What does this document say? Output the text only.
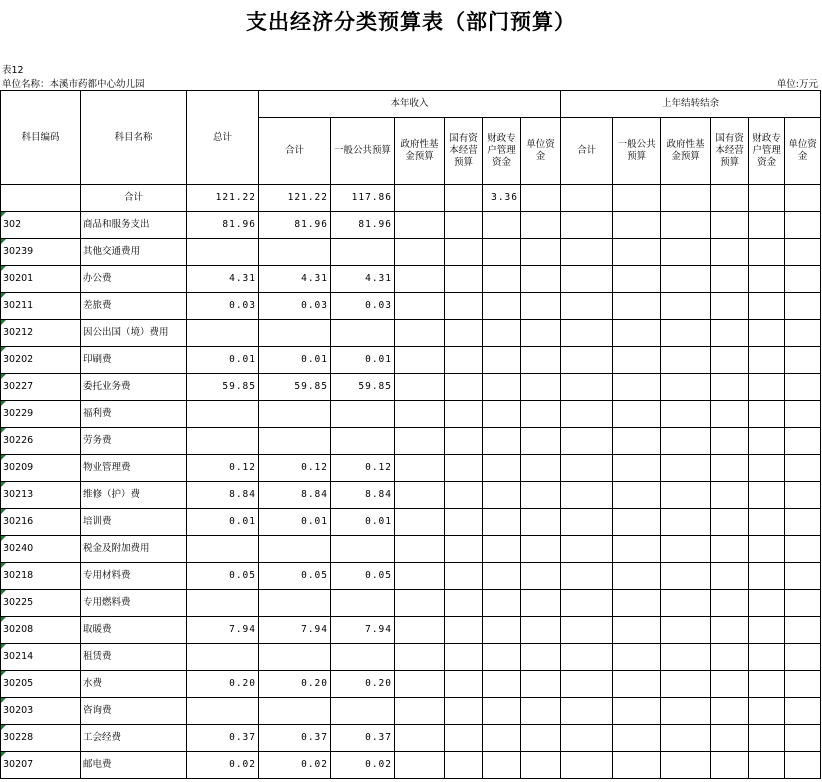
支出经济分类预算表（部门预算）
表12
单位名称：本溪市药都中心幼儿园	单位:万元
科目编码	科目名称	总计	本年收入						上年结转结余					
			合计	一般公共预算	政府性基金预算	国有资本经营预算	财政专户管理资金	单位资金	合计	一般公共预算	政府性基金预算	国有资本经营预算	财政专户管理资金	单位资金
	合计	121.22	121.22	117.86			3.36							
302	商品和服务支出	81.96	81.96	81.96										
30239	其他交通费用													
30201	办公费	4.31	4.31	4.31										
30211	差旅费	0.03	0.03	0.03										
30212	因公出国（境）费用													
30202	印刷费	0.01	0.01	0.01										
30227	委托业务费	59.85	59.85	59.85										
30229	福利费													
30226	劳务费													
30209	物业管理费	0.12	0.12	0.12										
30213	维修（护）费	8.84	8.84	8.84										
30216	培训费	0.01	0.01	0.01										
30240	税金及附加费用													
30218	专用材料费	0.05	0.05	0.05										
30225	专用燃料费													
30208	取暖费	7.94	7.94	7.94										
30214	租赁费													
30205	水费	0.20	0.20	0.20										
30203	咨询费													
30228	工会经费	0.37	0.37	0.37										
30207	邮电费	0.02	0.02	0.02										
